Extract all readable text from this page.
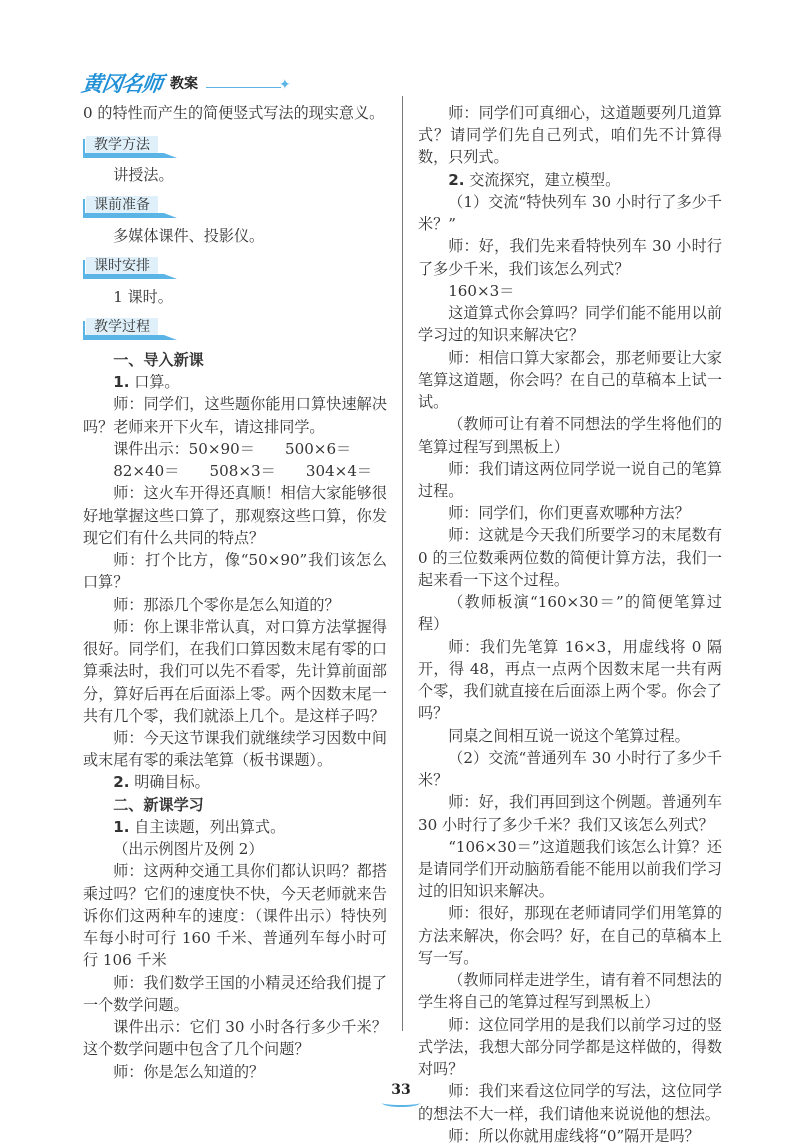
黄冈名师 教案	✦

0 的特性而产生的简便竖式写法的现实意义。

教学方法
讲授法。
课前准备
多媒体课件、投影仪。
课时安排
1 课时。
教学过程

一、导入新课

1. 口算。

师：同学们，这些题你能用口算快速解决吗？老师来开下火车，请这排同学。

课件出示：50×90＝　　500×6＝

82×40＝　　508×3＝　　304×4＝

师：这火车开得还真顺！相信大家能够很好地掌握这些口算了，那观察这些口算，你发现它们有什么共同的特点？

师：打个比方，像“50×90”我们该怎么口算？

师：那添几个零你是怎么知道的？

师：你上课非常认真，对口算方法掌握得很好。同学们，在我们口算因数末尾有零的口算乘法时，我们可以先不看零，先计算前面部分，算好后再在后面添上零。两个因数末尾一共有几个零，我们就添上几个。是这样子吗？

师：今天这节课我们就继续学习因数中间或末尾有零的乘法笔算（板书课题）。

2. 明确目标。

二、新课学习

1. 自主读题，列出算式。

（出示例图片及例 2）

师：这两种交通工具你们都认识吗？都搭乘过吗？它们的速度快不快，今天老师就来告诉你们这两种车的速度：（课件出示）特快列车每小时可行 160 千米、普通列车每小时可行 106 千米

师：我们数学王国的小精灵还给我们提了一个数学问题。

课件出示：它们 30 小时各行多少千米？这个数学问题中包含了几个问题？

师：你是怎么知道的？

师：同学们可真细心，这道题要列几道算式？请同学们先自己列式，咱们先不计算得数，只列式。

2. 交流探究，建立模型。

（1）交流“特快列车 30 小时行了多少千米？”

师：好，我们先来看特快列车 30 小时行了多少千米，我们该怎么列式？

160×3＝

这道算式你会算吗？同学们能不能用以前学习过的知识来解决它？

师：相信口算大家都会，那老师要让大家笔算这道题，你会吗？在自己的草稿本上试一试。

（教师可让有着不同想法的学生将他们的笔算过程写到黑板上）

师：我们请这两位同学说一说自己的笔算过程。

师：同学们，你们更喜欢哪种方法？

师：这就是今天我们所要学习的末尾数有 0 的三位数乘两位数的简便计算方法，我们一起来看一下这个过程。

（教师板演“160×30＝”的简便笔算过程）

师：我们先笔算 16×3，用虚线将 0 隔开，得 48，再点一点两个因数末尾一共有两个零，我们就直接在后面添上两个零。你会了吗？

同桌之间相互说一说这个笔算过程。

（2）交流“普通列车 30 小时行了多少千米？

师：好，我们再回到这个例题。普通列车 30 小时行了多少千米？我们又该怎么列式？

“106×30＝”这道题我们该怎么计算？还是请同学们开动脑筋看能不能用以前我们学习过的旧知识来解决。

师：很好，那现在老师请同学们用笔算的方法来解决，你会吗？好，在自己的草稿本上写一写。

（教师同样走进学生，请有着不同想法的学生将自己的笔算过程写到黑板上）

师：这位同学用的是我们以前学习过的竖式学法，我想大部分同学都是这样做的，得数对吗？

师：我们来看这位同学的写法，这位同学的想法不大一样，我们请他来说说他的想法。

师：所以你就用虚线将“0”隔开是吗？

33
